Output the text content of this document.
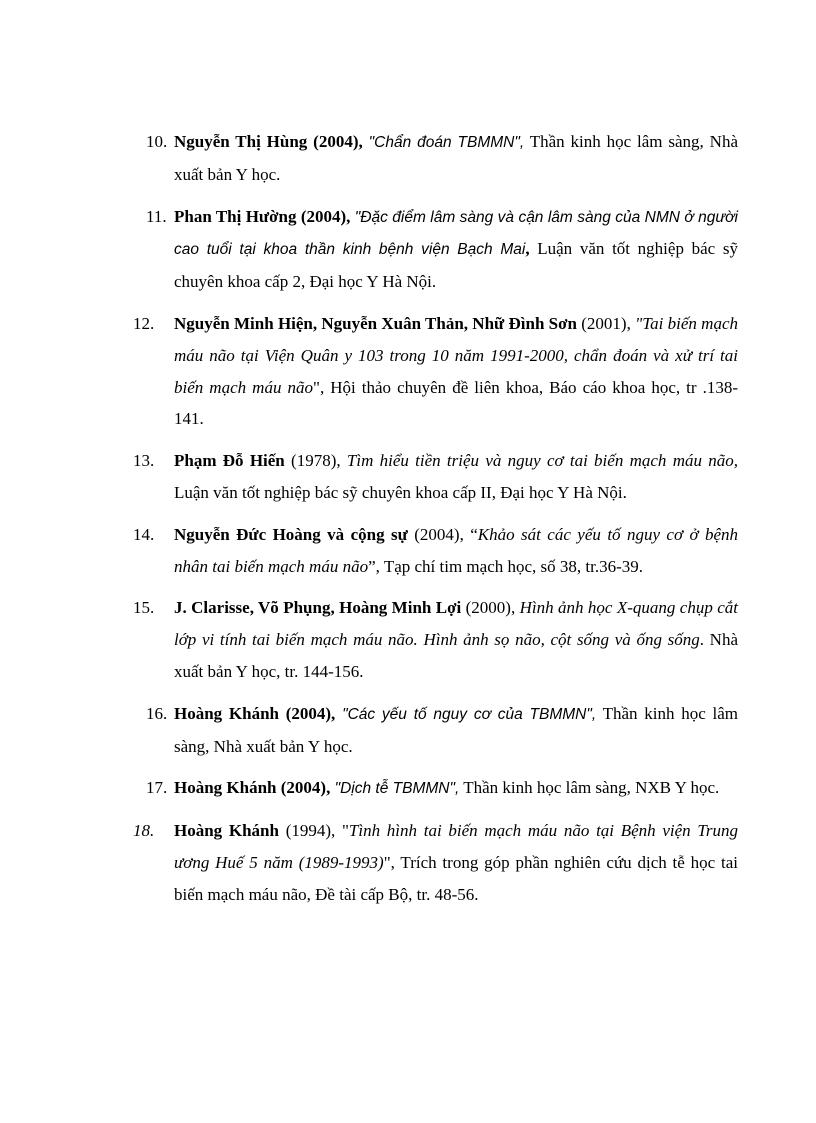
10. Nguyễn Thị Hùng (2004), "Chẩn đoán TBMMN", Thần kinh học lâm sàng, Nhà xuất bản Y học.
11. Phan Thị Hường (2004), "Đặc điểm lâm sàng và cận lâm sàng của NMN ở người cao tuổi tại khoa thần kinh bệnh viện Bạch Mai, Luận văn tốt nghiệp bác sỹ chuyên khoa cấp 2, Đại học Y Hà Nội.
12. Nguyễn Minh Hiện, Nguyễn Xuân Thản, Nhữ Đình Sơn (2001), "Tai biến mạch máu não tại Viện Quân y 103 trong 10 năm 1991-2000, chẩn đoán và xử trí tai biến mạch máu não", Hội thảo chuyên đề liên khoa, Báo cáo khoa học, tr .138-141.
13. Phạm Đỗ Hiến (1978), Tìm hiểu tiền triệu và nguy cơ tai biến mạch máu não, Luận văn tốt nghiệp bác sỹ chuyên khoa cấp II, Đại học Y Hà Nội.
14. Nguyễn Đức Hoàng và cộng sự (2004), “Khảo sát các yếu tố nguy cơ ở bệnh nhân tai biến mạch máu não”, Tạp chí tim mạch học, số 38, tr.36-39.
15. J. Clarisse, Võ Phụng, Hoàng Minh Lợi (2000), Hình ảnh học X-quang chụp cắt lớp vi tính tai biến mạch máu não. Hình ảnh sọ não, cột sống và ống sống. Nhà xuất bản Y học, tr. 144-156.
16. Hoàng Khánh (2004), "Các yếu tố nguy cơ của TBMMN", Thần kinh học lâm sàng, Nhà xuất bản Y học.
17. Hoàng Khánh (2004), "Dịch tễ TBMMN", Thần kinh học lâm sàng, NXB Y học.
18. Hoàng Khánh (1994), "Tình hình tai biến mạch máu não tại Bệnh viện Trung ương Huế 5 năm (1989-1993)", Trích trong góp phần nghiên cứu dịch tễ học tai biến mạch máu não, Đề tài cấp Bộ, tr. 48-56.
